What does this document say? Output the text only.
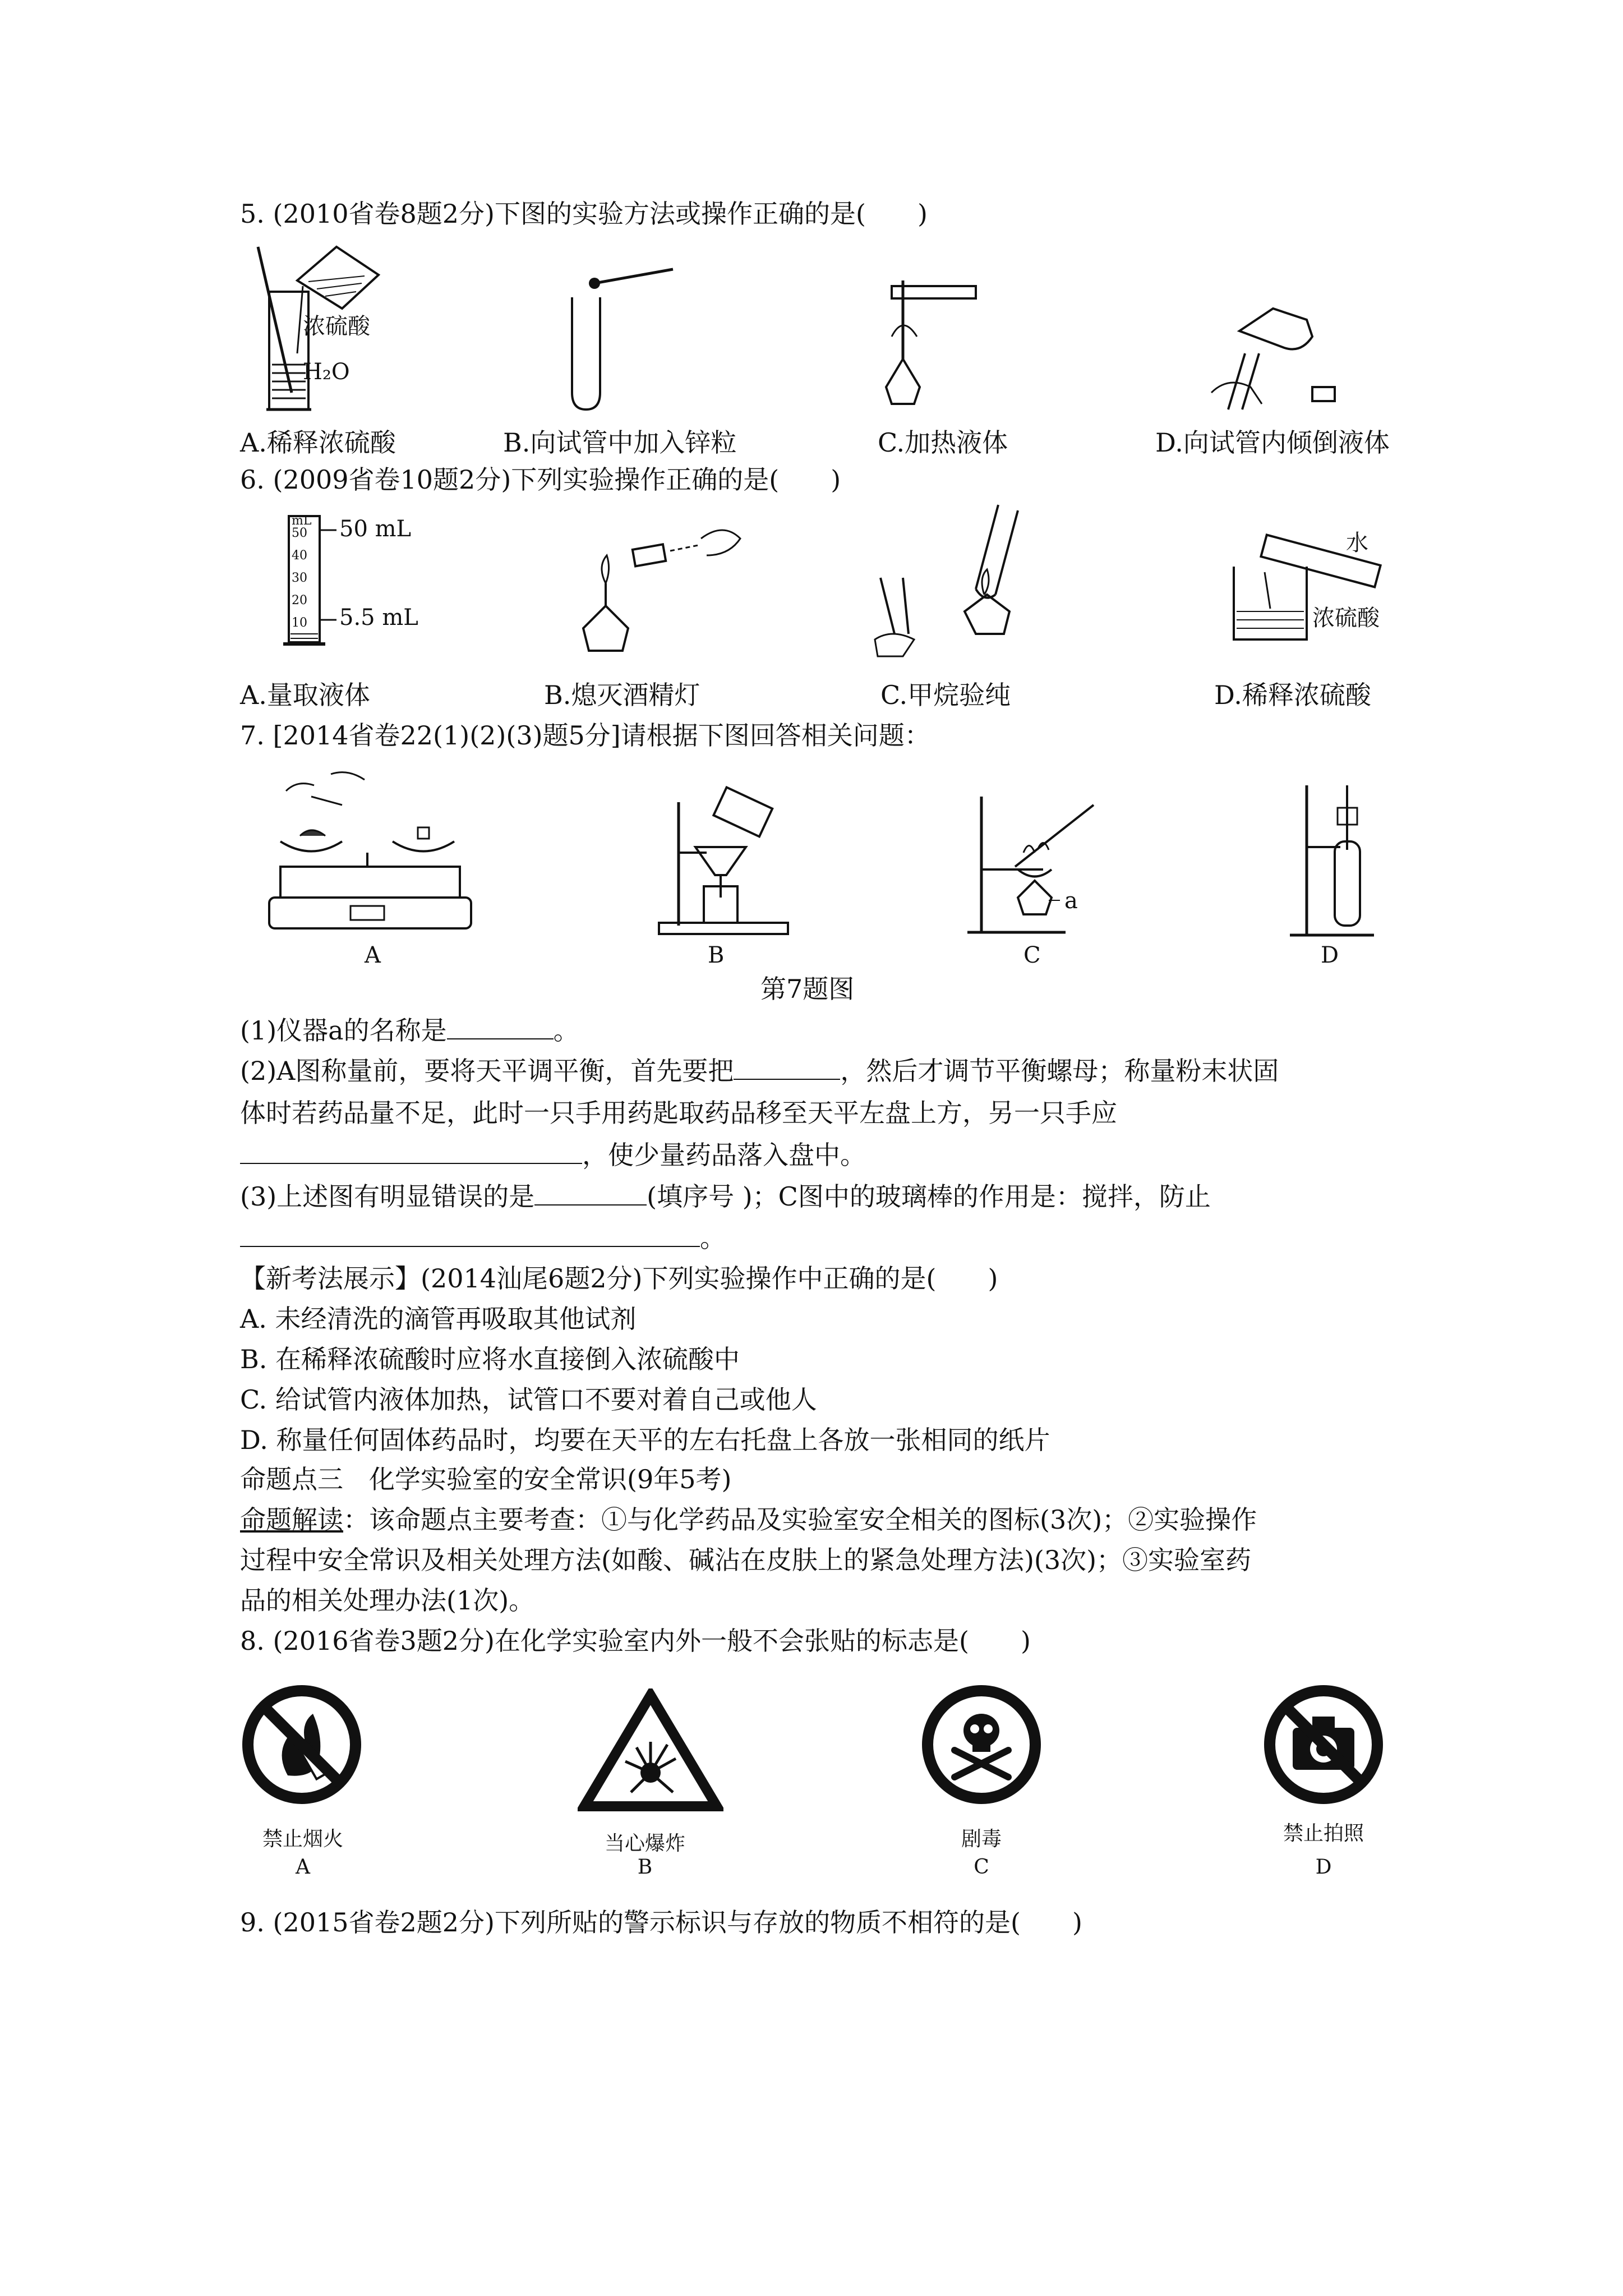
5. (2010省卷8题2分)下图的实验方法或操作正确的是(　　)
浓硫酸
H₂O
A.稀释浓硫酸	B.向试管中加入锌粒	C.加热液体	D.向试管内倾倒液体
6. (2009省卷10题2分)下列实验操作正确的是(　　)
mL
50
40
30
20
10
50 mL
5.5 mL
水
浓硫酸
A.量取液体	B.熄灭酒精灯	C.甲烷验纯	D.稀释浓硫酸
7. [2014省卷22(1)(2)(3)题5分]请根据下图回答相关问题：
a
A	B	C	D
第7题图
(1)仪器a的名称是	。
(2)A图称量前，要将天平调平衡，首先要把	，然后才调节平衡螺母；称量粉末状固
体时若药品量不足，此时一只手用药匙取药品移至天平左盘上方，另一只手应
，使少量药品落入盘中。
(3)上述图有明显错误的是	(填序号 )；C图中的玻璃棒的作用是：搅拌，防止
。
【新考法展示】(2014汕尾6题2分)下列实验操作中正确的是(　　)
A. 未经清洗的滴管再吸取其他试剂
B. 在稀释浓硫酸时应将水直接倒入浓硫酸中
C. 给试管内液体加热，试管口不要对着自己或他人
D. 称量任何固体药品时，均要在天平的左右托盘上各放一张相同的纸片
命题点三　化学实验室的安全常识(9年5考)
命题解读：该命题点主要考查：①与化学药品及实验室安全相关的图标(3次)；②实验操作
过程中安全常识及相关处理方法(如酸、碱沾在皮肤上的紧急处理方法)(3次)；③实验室药
品的相关处理办法(1次)。
8. (2016省卷3题2分)在化学实验室内外一般不会张贴的标志是(　　)
禁止烟火	当心爆炸	剧毒	禁止拍照
A	B	C	D
9. (2015省卷2题2分)下列所贴的警示标识与存放的物质不相符的是(　　)
